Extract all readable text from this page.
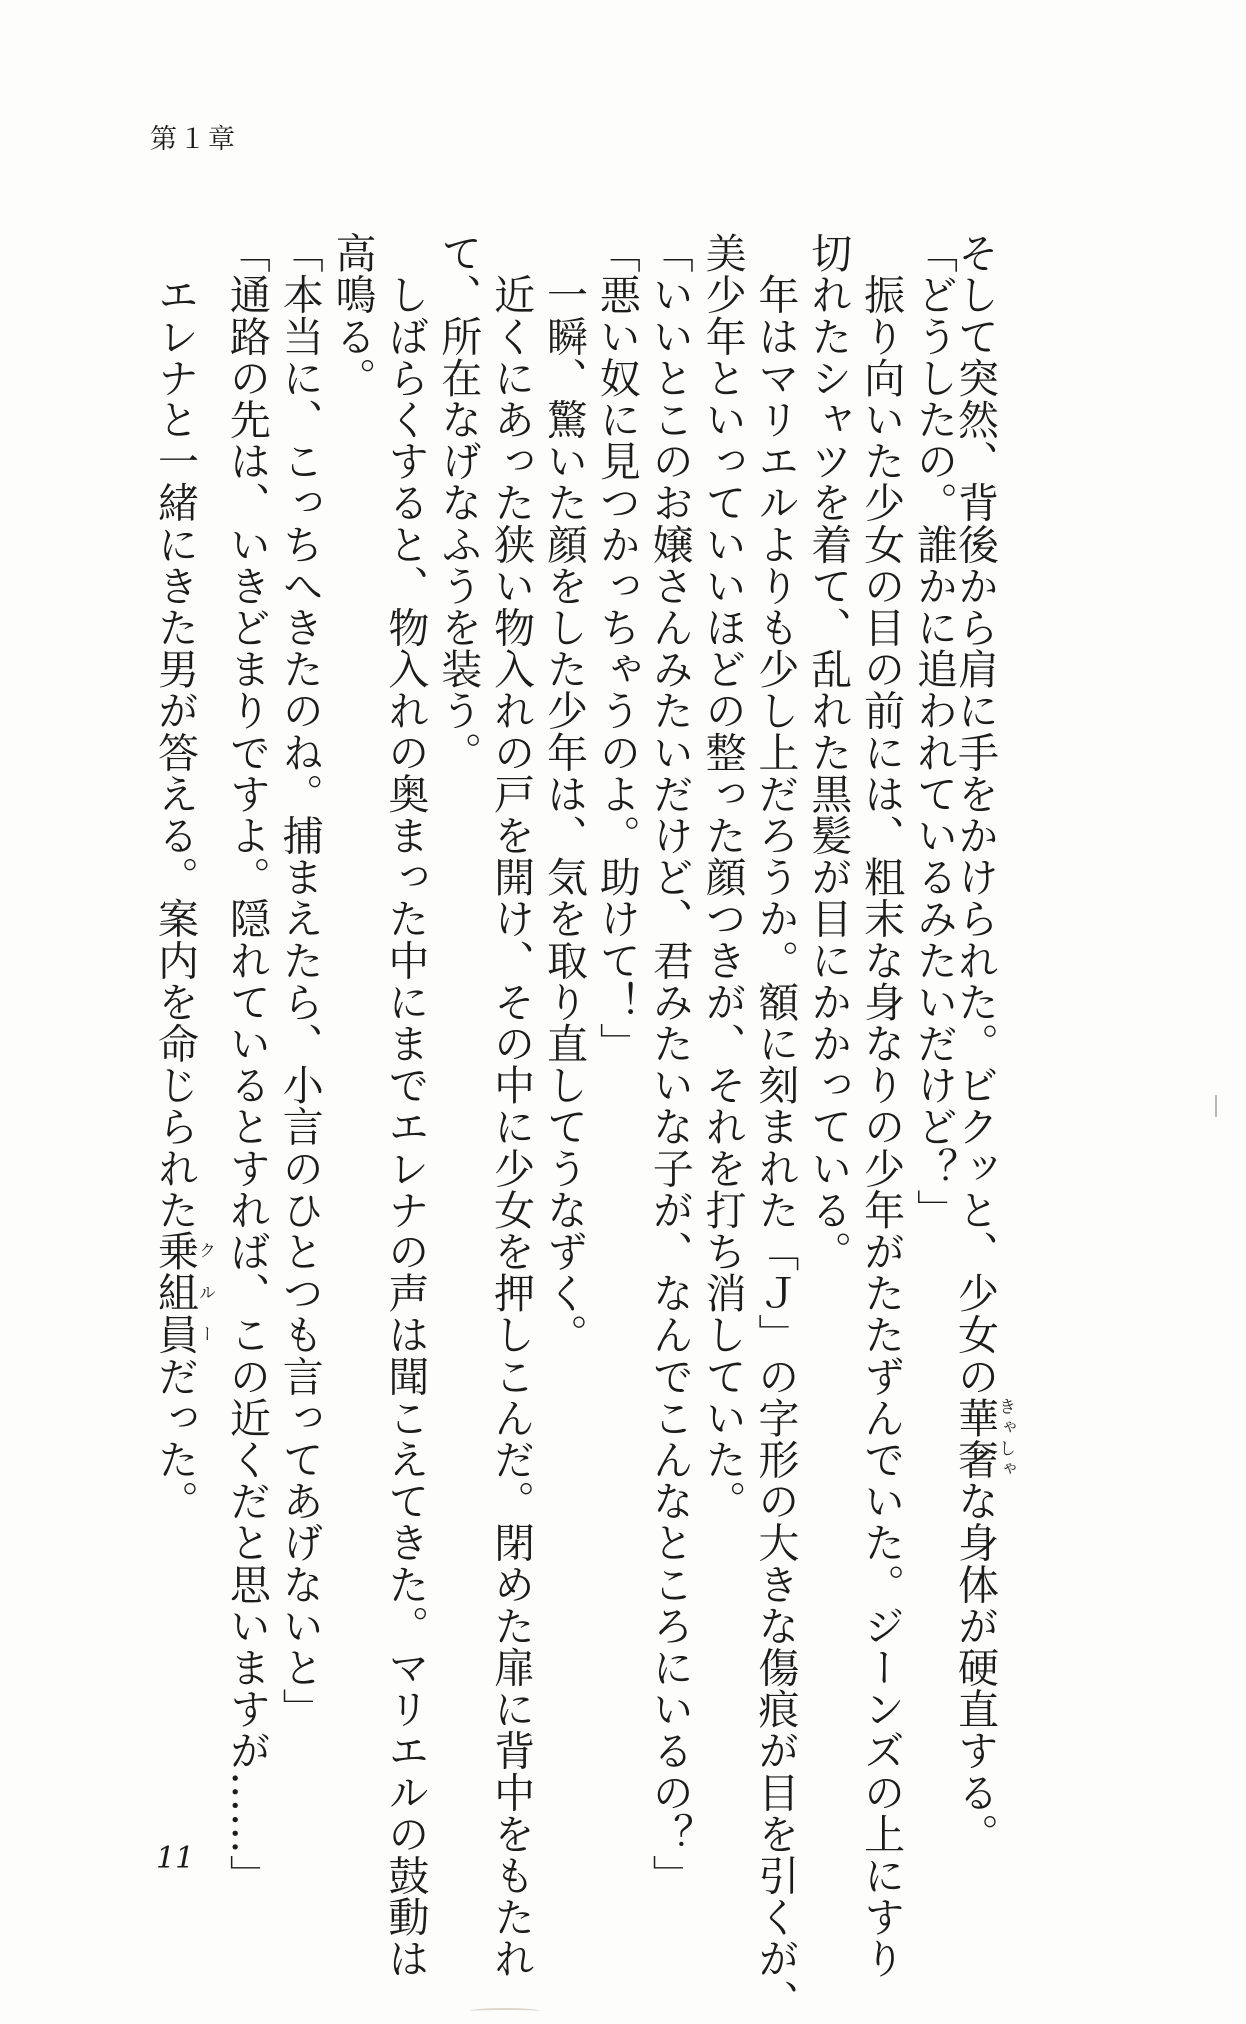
第１章
そして突然、背後から肩に手をかけられた。ビクッと、少女の華奢きゃしゃな身体が硬直する。
「どうしたの。誰かに追われているみたいだけど？」
　振り向いた少女の目の前には、粗末な身なりの少年がたたずんでいた。ジーンズの上にすり
切れたシャツを着て、乱れた黒髪が目にかかっている。
　年はマリエルよりも少し上だろうか。額に刻まれた「Ｊ」の字形の大きな傷痕が目を引くが、
美少年といっていいほどの整った顔つきが、それを打ち消していた。
「いいとこのお嬢さんみたいだけど、君みたいな子が、なんでこんなところにいるの？」
「悪い奴に見つかっちゃうのよ。助けて！」
　一瞬、驚いた顔をした少年は、気を取り直してうなずく。
　近くにあった狭い物入れの戸を開け、その中に少女を押しこんだ。閉めた扉に背中をもたれ
て、所在なげなふうを装う。
　しばらくすると、物入れの奥まった中にまでエレナの声は聞こえてきた。マリエルの鼓動は
高鳴る。
「本当に、こっちへきたのね。捕まえたら、小言のひとつも言ってあげないと」
「通路の先は、いきどまりですよ。隠れているとすれば、この近くだと思いますが……」
　エレナと一緒にきた男が答える。案内を命じられた乗組員クルーだった。
11
